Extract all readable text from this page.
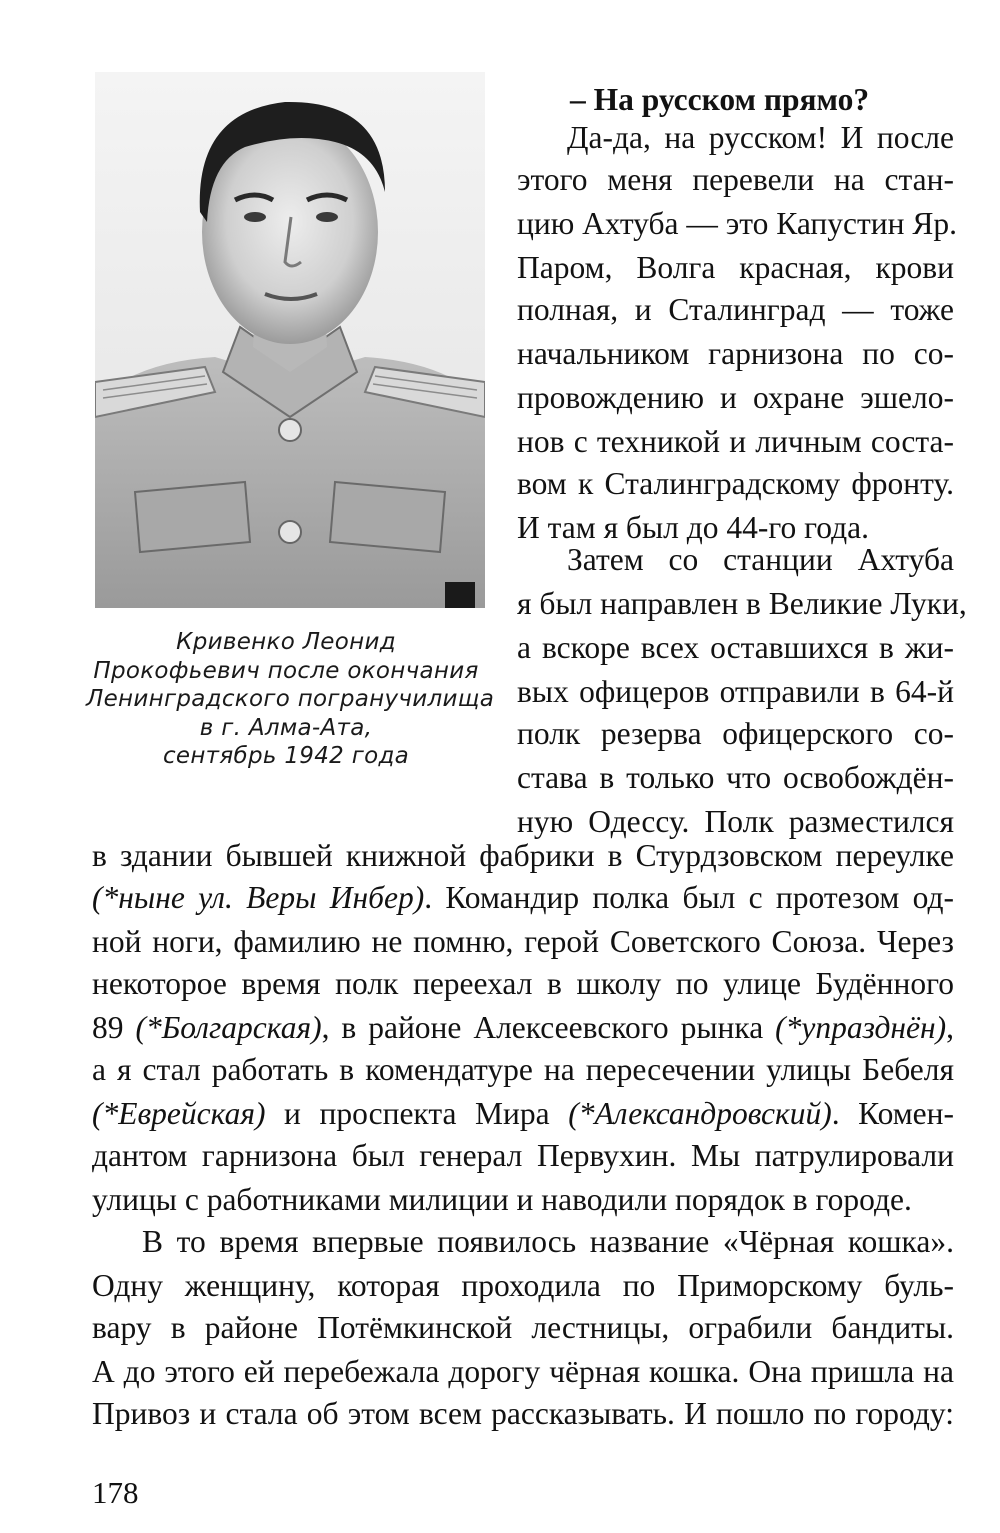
Кривенко Леонид
Прокофьевич после окончания
Ленинградского погранучилища
в г. Алма-Ата,
сентябрь 1942 года
– На русском прямо?
Да-да, на русском! И после
этого меня перевели на стан-
цию Ахтуба — это Капустин Яр.
Паром, Волга красная, крови
полная, и Сталинград — тоже
начальником гарнизона по со-
провождению и охране эшело-
нов с техникой и личным соста-
вом к Сталинградскому фронту.
И там я был до 44-го года.
Затем со станции Ахтуба
я был направлен в Великие Луки,
а вскоре всех оставшихся в жи-
вых офицеров отправили в 64-й
полк резерва офицерского со-
става в только что освобождён-
ную Одессу. Полк разместился
в здании бывшей книжной фабрики в Стурдзовском переулке
(*ныне ул. Веры Инбер). Командир полка был с протезом од-
ной ноги, фамилию не помню, герой Советского Союза. Через
некоторое время полк переехал в школу по улице Будённого
89 (*Болгарская), в районе Алексеевского рынка (*упразднён),
а я стал работать в комендатуре на пересечении улицы Бебеля
(*Еврейская) и проспекта Мира (*Александровский). Комен-
дантом гарнизона был генерал Первухин. Мы патрулировали
улицы с работниками милиции и наводили порядок в городе.
В то время впервые появилось название «Чёрная кошка».
Одну женщину, которая проходила по Приморскому буль-
вару в районе Потёмкинской лестницы, ограбили бандиты.
А до этого ей перебежала дорогу чёрная кошка. Она пришла на
Привоз и стала об этом всем рассказывать. И пошло по городу:
178
